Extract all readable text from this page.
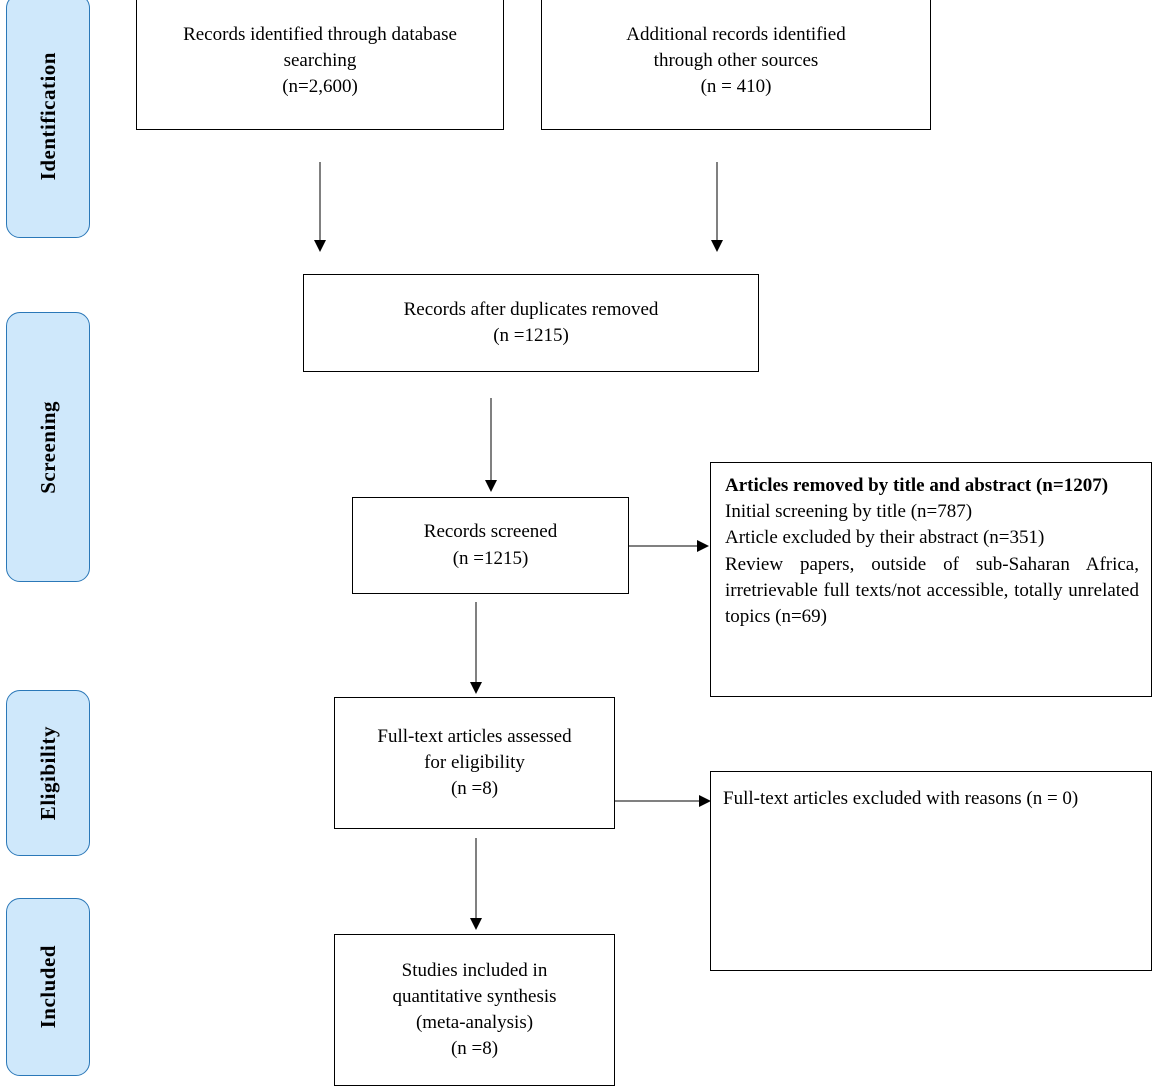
Identification
Screening
Eligibility
Included
Records identified through database
searching
(n=2,600)
Additional records identified
through other sources
(n = 410)
Records after duplicates removed
(n =1215)
Records screened
(n =1215)
Articles removed by title and abstract (n=1207)
Initial screening by title (n=787)
Article excluded by their abstract (n=351)
Review papers, outside of sub-Saharan Africa, irretrievable full texts/not accessible, totally unrelated topics (n=69)
Full-text articles assessed
for eligibility
(n =8)	Full-text articles excluded with reasons (n = 0)
Studies included in
quantitative synthesis
(meta-analysis)
(n =8)
